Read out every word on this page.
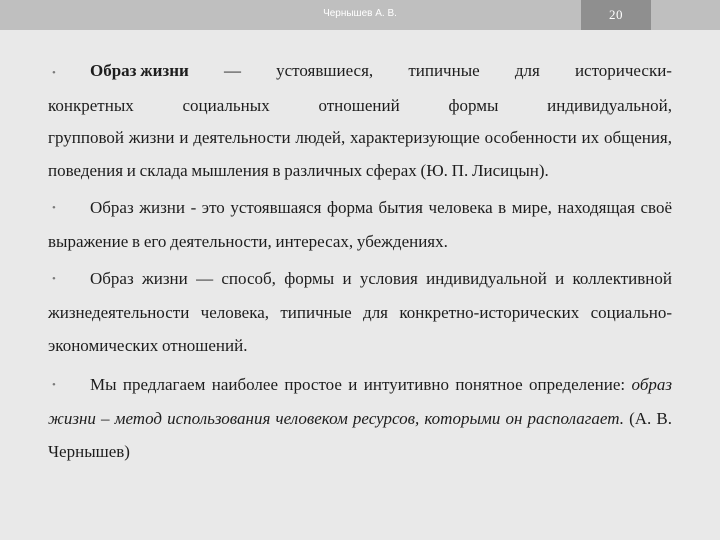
Чернышев А. В.	20
•	Образ жизни — устоявшиеся, типичные для исторически-
конкретных	социальных	отношений	формы	индивидуальной,
групповой жизни и деятельности людей, характеризующие особенности их общения, поведения и склада мышления в различных сферах (Ю. П. Лисицын).
• Образ жизни - это устоявшаяся форма бытия человека в мире, находящая своё выражение в его деятельности, интересах, убеждениях.
• Образ жизни — способ, формы и условия индивидуальной и коллективной жизнедеятельности человека, типичные для конкретно-исторических социально-экономических отношений.
• Мы предлагаем наиболее простое и интуитивно понятное определение: образ жизни – метод использования человеком ресурсов, которыми он располагает. (А. В. Чернышев)
